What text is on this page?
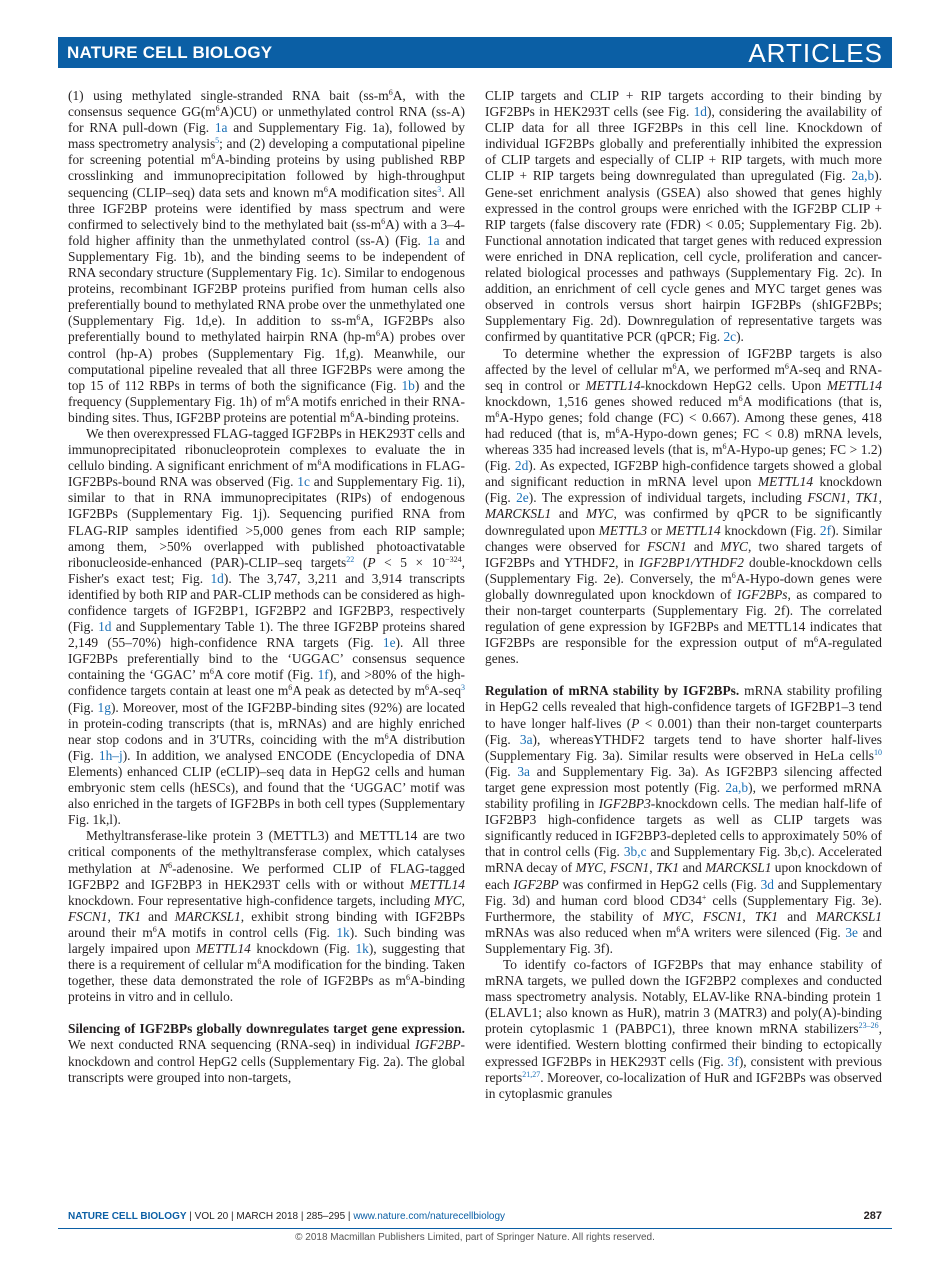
NATURE CELL BIOLOGY	ARTICLES

(1) using methylated single-stranded RNA bait ($ss-m^6A$, with the consensus sequence $GG(m^6A)CU$) or unmethylated control RNA (ss-A) for RNA pull-down (Fig. 1a and Supplementary Fig. 1a), followed by mass spectrometry analysis$^5$; and (2) developing a computational pipeline for screening potential $m^6A$-binding proteins by using published RBP crosslinking and immunoprecipitation followed by high-throughput sequencing (CLIP–seq) data sets and known $m^6A$ modification sites$^3$. All three IGF2BP proteins were identified by mass spectrum and were confirmed to selectively bind to the methylated bait $(ss-m^6A)$ with a 3–4-fold higher affinity than the unmethylated control (ss-A) (Fig. 1a and Supplementary Fig. 1b), and the binding seems to be independent of RNA secondary structure (Supplementary Fig. 1c). Similar to endogenous proteins, recombinant IGF2BP proteins purified from human cells also preferentially bound to methylated RNA probe over the unmethylated one (Supplementary Fig. 1d,e). In addition to $ss-m^6A$, IGF2BPs also preferentially bound to methylated hairpin RNA $(hp-m^6A)$ probes over control (hp-A) probes (Supplementary Fig. 1f,g). Meanwhile, our computational pipeline revealed that all three IGF2BPs were among the top 15 of 112 RBPs in terms of both the significance (Fig. 1b) and the frequency (Supplementary Fig. 1h) of $m^6A$ motifs enriched in their RNA-binding sites. Thus, IGF2BP proteins are potential $m^6A$-binding proteins.

We then overexpressed FLAG-tagged IGF2BPs in HEK293T cells and immunoprecipitated ribonucleoprotein complexes to evaluate the in cellulo binding. A significant enrichment of $m^6A$ modifications in FLAG-IGF2BPs-bound RNA was observed (Fig. 1c and Supplementary Fig. 1i), similar to that in RNA immunoprecipitates (RIPs) of endogenous IGF2BPs (Supplementary Fig. 1j). Sequencing purified RNA from FLAG-RIP samples identified >5,000 genes from each RIP sample; among them, >50% overlapped with published photoactivatable ribonucleoside-enhanced (PAR)-CLIP–seq targets$^{22}$ ($P < 5 \times 10^{-324}$, Fisher's exact test; Fig. 1d). The 3,747, 3,211 and 3,914 transcripts identified by both RIP and PAR-CLIP methods can be considered as high-confidence targets of IGF2BP1, IGF2BP2 and IGF2BP3, respectively (Fig. 1d and Supplementary Table 1). The three IGF2BP proteins shared 2,149 (55–70%) high-confidence RNA targets (Fig. 1e). All three IGF2BPs preferentially bind to the ‘UGGAC’ consensus sequence containing the ‘GGAC’ $m^6A$ core motif (Fig. 1f), and >80% of the high-confidence targets contain at least one $m^6A$ peak as detected by $m^6A-seq^3$ (Fig. 1g). Moreover, most of the IGF2BP-binding sites (92%) are located in protein-coding transcripts (that is, mRNAs) and are highly enriched near stop codons and in 3′UTRs, coinciding with the $m^6A$ distribution (Fig. 1h–j). In addition, we analysed ENCODE (Encyclopedia of DNA Elements) enhanced CLIP (eCLIP)–seq data in HepG2 cells and human embryonic stem cells (hESCs), and found that the ‘UGGAC’ motif was also enriched in the targets of IGF2BPs in both cell types (Supplementary Fig. 1k,l).

Methyltransferase-like protein 3 (METTL3) and METTL14 are two critical components of the methyltransferase complex, which catalyses methylation at $N^6$-adenosine. We performed CLIP of FLAG-tagged IGF2BP2 and IGF2BP3 in HEK293T cells with or without METTL14 knockdown. Four representative high-confidence targets, including MYC, FSCN1, TK1 and MARCKSL1, exhibit strong binding with IGF2BPs around their $m^6A$ motifs in control cells (Fig. 1k). Such binding was largely impaired upon METTL14 knockdown (Fig. 1k), suggesting that there is a requirement of cellular $m^6A$ modification for the binding. Taken together, these data demonstrated the role of IGF2BPs as $m^6A$-binding proteins in vitro and in cellulo.

Silencing of IGF2BPs globally downregulates target gene expression. We next conducted RNA sequencing (RNA-seq) in individual IGF2BP-knockdown and control HepG2 cells (Supplementary Fig. 2a). The global transcripts were grouped into non-targets,

CLIP targets and CLIP + RIP targets according to their binding by IGF2BPs in HEK293T cells (see Fig. 1d), considering the availability of CLIP data for all three IGF2BPs in this cell line. Knockdown of individual IGF2BPs globally and preferentially inhibited the expression of CLIP targets and especially of CLIP + RIP targets, with much more CLIP + RIP targets being downregulated than upregulated (Fig. 2a,b). Gene-set enrichment analysis (GSEA) also showed that genes highly expressed in the control groups were enriched with the IGF2BP CLIP + RIP targets (false discovery rate (FDR) < 0.05; Supplementary Fig. 2b). Functional annotation indicated that target genes with reduced expression were enriched in DNA replication, cell cycle, proliferation and cancer-related biological processes and pathways (Supplementary Fig. 2c). In addition, an enrichment of cell cycle genes and MYC target genes was observed in controls versus short hairpin IGF2BPs (shIGF2BPs; Supplementary Fig. 2d). Downregulation of representative targets was confirmed by quantitative PCR (qPCR; Fig. 2c).

To determine whether the expression of IGF2BP targets is also affected by the level of cellular $m^6A$, we performed $m^6A$-seq and RNA-seq in control or METTL14-knockdown HepG2 cells. Upon METTL14 knockdown, 1,516 genes showed reduced $m^6A$ modifications (that is, $m^6A$-Hypo genes; fold change (FC) < 0.667). Among these genes, 418 had reduced (that is, $m^6A-Hypo$-down genes; FC < 0.8) mRNA levels, whereas 335 had increased levels (that is, $m^6A-Hypo-up$ genes; FC > 1.2) (Fig. 2d). As expected, IGF2BP high-confidence targets showed a global and significant reduction in mRNA level upon METTL14 knockdown (Fig. 2e). The expression of individual targets, including FSCN1, TK1, MARCKSL1 and MYC, was confirmed by qPCR to be significantly downregulated upon METTL3 or METTL14 knockdown (Fig. 2f). Similar changes were observed for FSCN1 and MYC, two shared targets of IGF2BPs and YTHDF2, in IGF2BP1/YTHDF2 double-knockdown cells (Supplementary Fig. 2e). Conversely, the $m^6A-Hypo$-down genes were globally downregulated upon knockdown of IGF2BPs, as compared to their non-target counterparts (Supplementary Fig. 2f). The correlated regulation of gene expression by IGF2BPs and METTL14 indicates that IGF2BPs are responsible for the expression output of $m^6A$-regulated genes.

Regulation of mRNA stability by IGF2BPs. mRNA stability profiling in HepG2 cells revealed that high-confidence targets of IGF2BP1–3 tend to have longer half-lives (P < 0.001) than their non-target counterparts (Fig. 3a), whereasYTHDF2 targets tend to have shorter half-lives (Supplementary Fig. 3a). Similar results were observed in HeLa cells$^{10}$ (Fig. 3a and Supplementary Fig. 3a). As IGF2BP3 silencing affected target gene expression most potently (Fig. 2a,b), we performed mRNA stability profiling in IGF2BP3-knockdown cells. The median half-life of IGF2BP3 high-confidence targets as well as CLIP targets was significantly reduced in IGF2BP3-depleted cells to approximately 50% of that in control cells (Fig. 3b,c and Supplementary Fig. 3b,c). Accelerated mRNA decay of MYC, FSCN1, TK1 and MARCKSL1 upon knockdown of each IGF2BP was confirmed in HepG2 cells (Fig. 3d and Supplementary Fig. 3d) and human cord blood CD34+ cells (Supplementary Fig. 3e). Furthermore, the stability of MYC, FSCN1, TK1 and MARCKSL1 mRNAs was also reduced when $m^6A$ writers were silenced (Fig. 3e and Supplementary Fig. 3f).

To identify co-factors of IGF2BPs that may enhance stability of mRNA targets, we pulled down the IGF2BP2 complexes and conducted mass spectrometry analysis. Notably, ELAV-like RNA-binding protein 1 (ELAVL1; also known as HuR), matrin 3 (MATR3) and poly(A)-binding protein cytoplasmic 1 (PABPC1), three known mRNA stabilizers$^{23-26}$, were identified. Western blotting confirmed their binding to ectopically expressed IGF2BPs in HEK293T cells (Fig. 3f), consistent with previous reports$^{21,27}$. Moreover, co-localization of HuR and IGF2BPs was observed in cytoplasmic granules

NATURE CELL BIOLOGY | VOL 20 | MARCH 2018 | 285–295 | www.nature.com/naturecellbiology	287
© 2018 Macmillan Publishers Limited, part of Springer Nature. All rights reserved.
